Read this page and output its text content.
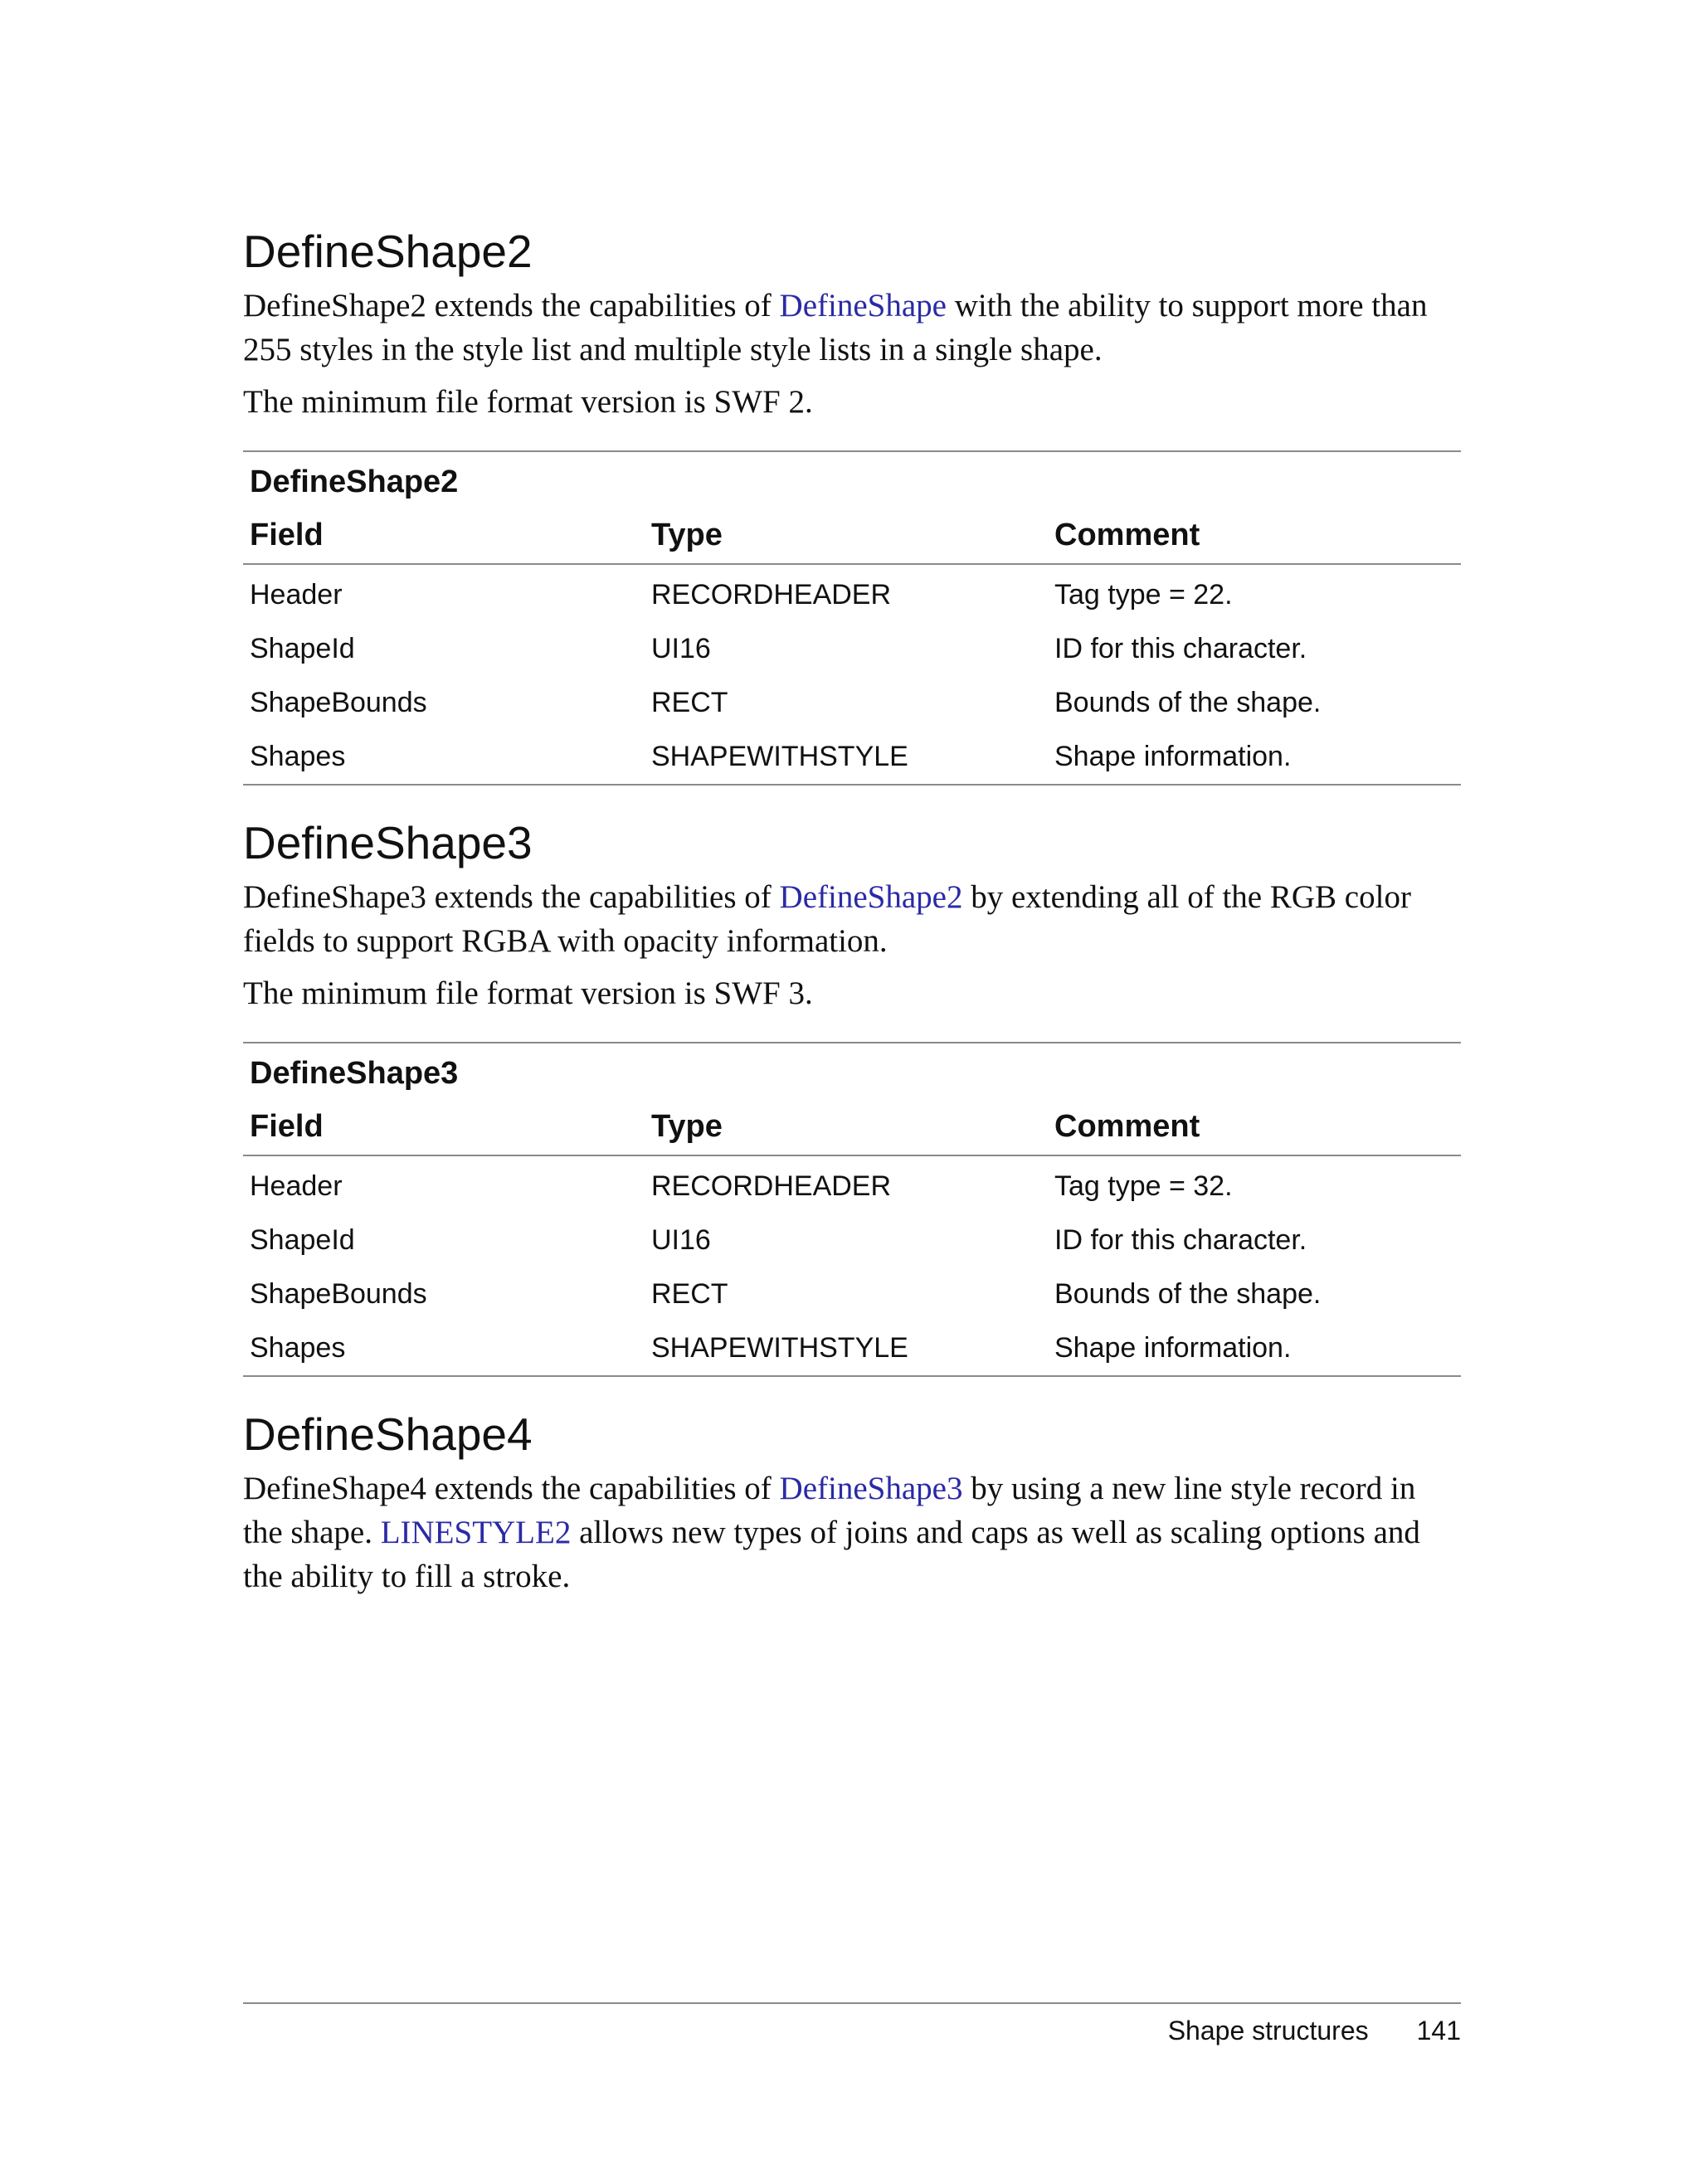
DefineShape2

DefineShape2 extends the capabilities of DefineShape with the ability to support more than 255 styles in the style list and multiple style lists in a single shape.

The minimum file format version is SWF 2.

DefineShape2		
Field	Type	Comment
Header	RECORDHEADER	Tag type = 22.
ShapeId	UI16	ID for this character.
ShapeBounds	RECT	Bounds of the shape.
Shapes	SHAPEWITHSTYLE	Shape information.
DefineShape3

DefineShape3 extends the capabilities of DefineShape2 by extending all of the RGB color fields to support RGBA with opacity information.

The minimum file format version is SWF 3.

DefineShape3		
Field	Type	Comment
Header	RECORDHEADER	Tag type = 32.
ShapeId	UI16	ID for this character.
ShapeBounds	RECT	Bounds of the shape.
Shapes	SHAPEWITHSTYLE	Shape information.
DefineShape4

DefineShape4 extends the capabilities of DefineShape3 by using a new line style record in the shape. LINESTYLE2 allows new types of joins and caps as well as scaling options and the ability to fill a stroke.

Shape structures 141
